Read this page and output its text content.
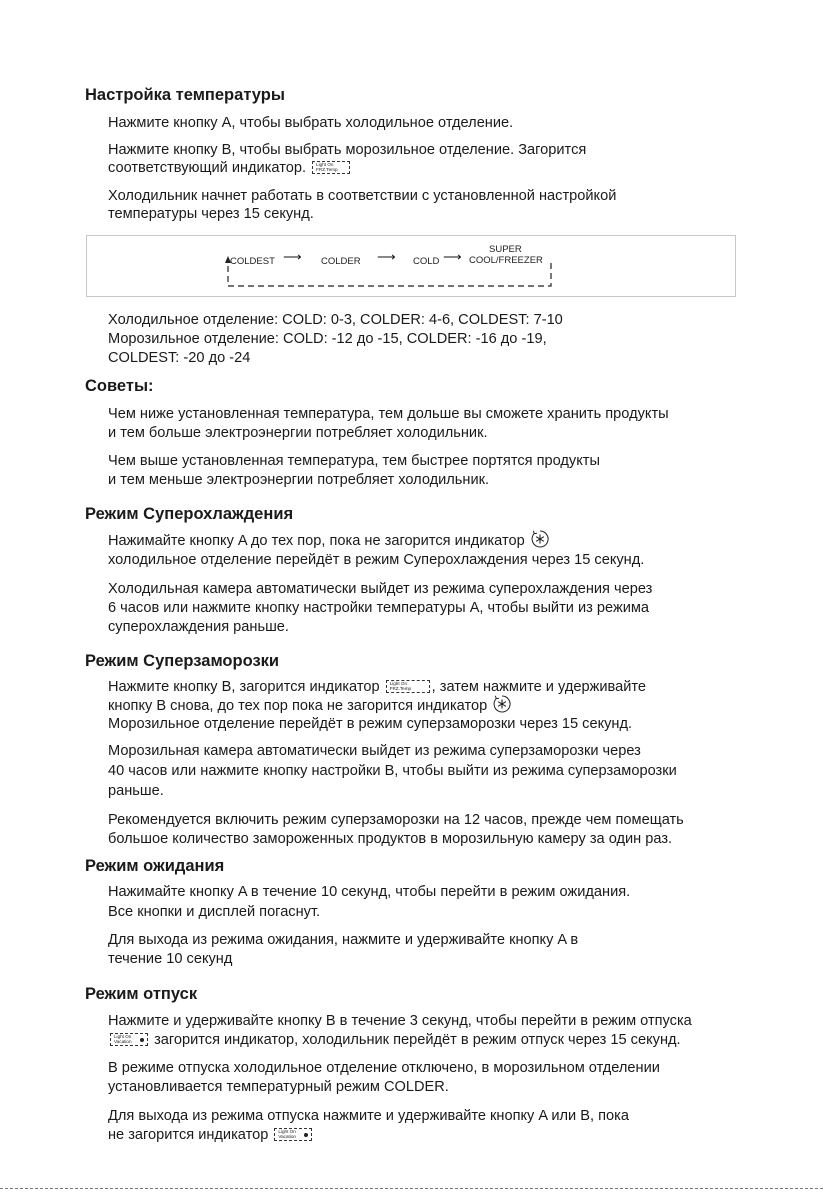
Настройка температуры

Нажмите кнопку A, чтобы выбрать холодильное отделение.

Нажмите кнопку B, чтобы выбрать морозильное отделение. Загорится

соответствующий индикатор. Light On
FRZ.Temp

Холодильник начнет работать в соответствии с установленной настройкой

температуры через 15 секунд.

COLDEST ⟶ COLDER ⟶ COLD ⟶	SUPER
COOL/FREEZER

Холодильное отделение: COLD: 0-3, COLDER: 4-6, COLDEST: 7-10

Морозильное отделение: COLD: -12 до -15, COLDER: -16 до -19,

COLDEST: -20 до -24

Советы:

Чем ниже установленная температура, тем дольше вы сможете хранить продукты

и тем больше электроэнергии потребляет холодильник.

Чем выше установленная температура, тем быстрее портятся продукты

и тем меньше электроэнергии потребляет холодильник.

Режим Суперохлаждения

Нажимайте кнопку A до тех пор, пока не загорится индикатор

холодильное отделение перейдёт в режим Суперохлаждения через 15 секунд.

Холодильная камера автоматически выйдет из режима суперохлаждения через

6 часов или нажмите кнопку настройки температуры A, чтобы выйти из режима

суперохлаждения раньше.

Режим Суперзаморозки

Нажмите кнопку B, загорится индикатор Light On
FRZ.Temp , затем нажмите и удерживайте

кнопку B снова, до тех пор пока не загорится индикатор

Морозильное отделение перейдёт в режим суперзаморозки через 15 секунд.

Морозильная камера автоматически выйдет из режима суперзаморозки через

40 часов или нажмите кнопку настройки B, чтобы выйти из режима суперзаморозки

раньше.

Рекомендуется включить режим суперзаморозки на 12 часов, прежде чем помещать

большое количество замороженных продуктов в морозильную камеру за один раз.

Режим ожидания

Нажимайте кнопку A в течение 10 секунд, чтобы перейти в режим ожидания.

Все кнопки и дисплей погаснут.

Для выхода из режима ожидания, нажмите и удерживайте кнопку A в

течение 10 секунд

Режим отпуск

Нажмите и удерживайте кнопку B в течение 3 секунд, чтобы перейти в режим отпуска

Light On
Vacation загорится индикатор, холодильник перейдёт в режим отпуск через 15 секунд.

В режиме отпуска холодильное отделение отключено, в морозильном отделении

установливается температурный режим COLDER.

Для выхода из режима отпуска нажмите и удерживайте кнопку A или B, пока

не загорится индикатор Light On
Vacation
